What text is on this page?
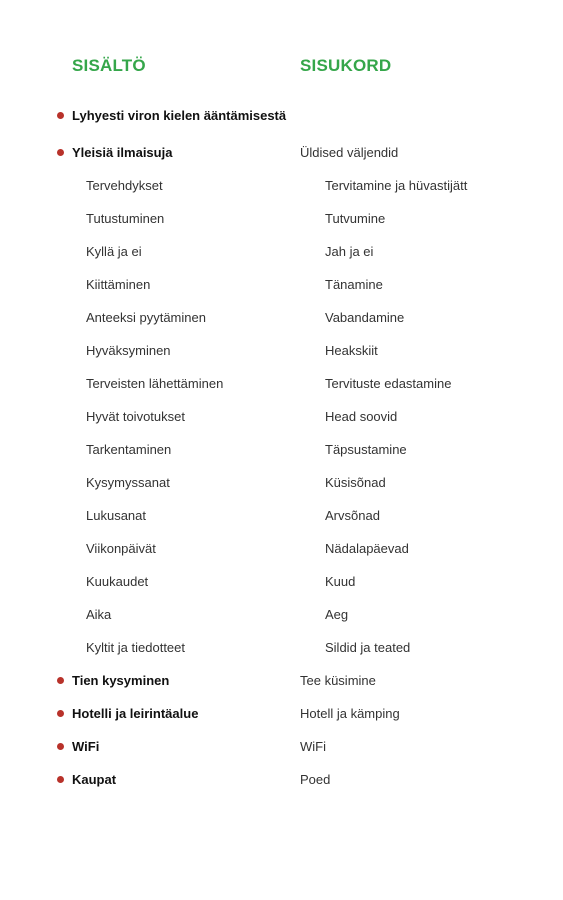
SISÄLTÖ	SISUKORD
Lyhyesti viron kielen ääntämisestä
Yleisiä ilmaisuja	Üldised väljendid
Tervehdykset	Tervitamine ja hüvastijätt
Tutustuminen	Tutvumine
Kyllä ja ei	Jah ja ei
Kiittäminen	Tänamine
Anteeksi pyytäminen	Vabandamine
Hyväksyminen	Heakskiit
Terveisten lähettäminen	Tervituste edastamine
Hyvät toivotukset	Head soovid
Tarkentaminen	Täpsustamine
Kysymyssanat	Küsisõnad
Lukusanat	Arvsõnad
Viikonpäivät	Nädalapäevad
Kuukaudet	Kuud
Aika	Aeg
Kyltit ja tiedotteet	Sildid ja teated
Tien kysyminen	Tee küsimine
Hotelli ja leirintäalue	Hotell ja kämping
WiFi	WiFi
Kaupat	Poed
